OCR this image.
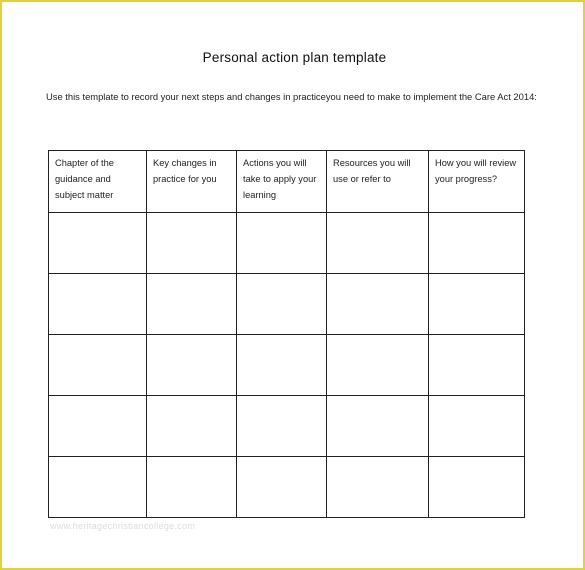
Personal action plan template
Use this template to record your next steps and changes in practiceyou need to make to implement the Care Act 2014:
Chapter of the guidance and subject matter	Key changes in practice for you	Actions you will take to apply your learning	Resources you will use or refer to	How you will review your progress?

www.heritagechristiancollege.com
